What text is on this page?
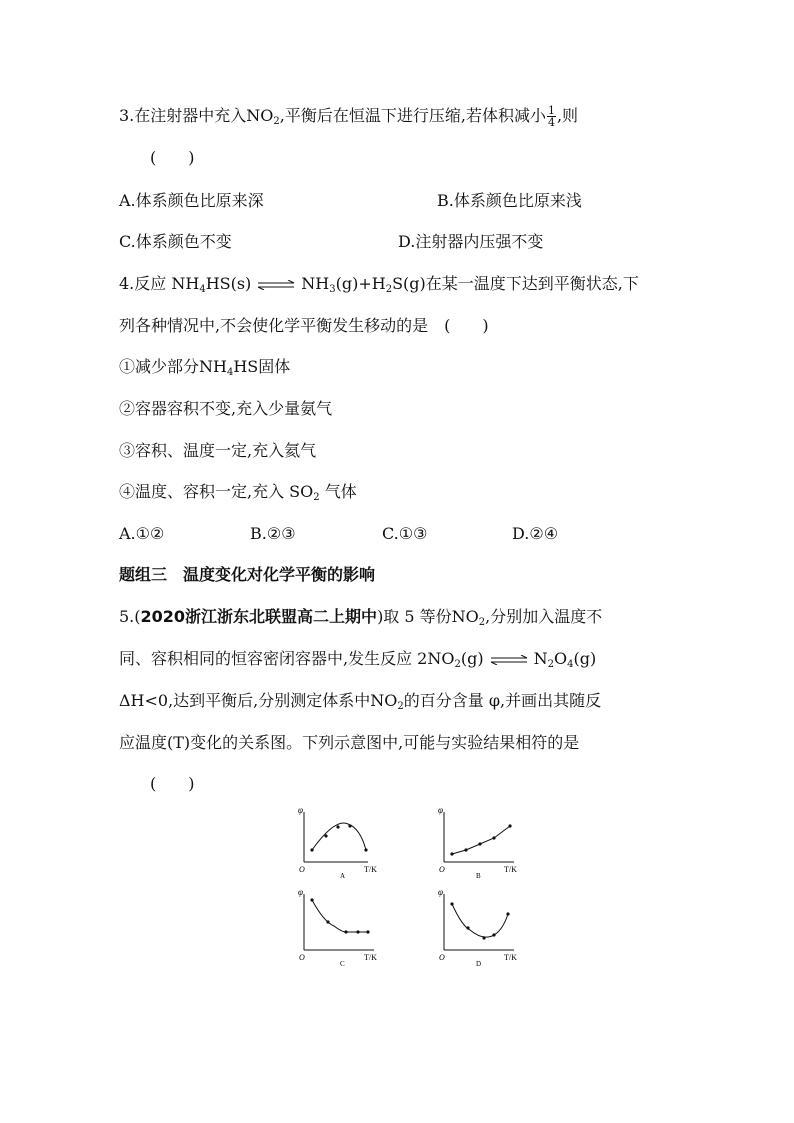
3.在注射器中充入$NO_2$,平衡后在恒温下进行压缩,若体积减小 $\frac{1}{4}$ ,则
(　　)
A.体系颜色比原来深	B.体系颜色比原来浅
C.体系颜色不变	D.注射器内压强不变
4.反应 $NH_4HS(s)$ ⇌ $NH_3(g)+H_2S(g)$在某一温度下达到平衡状态,下
列各种情况中,不会使化学平衡发生移动的是　(　　)
①减少部分$NH_4HS$固体
②容器容积不变,充入少量氨气
③容积、温度一定,充入氦气
④温度、容积一定,充入 $SO_2$ 气体
A.①②	B.②③	C.①③	D.②④
题组三　温度变化对化学平衡的影响
5.(2020浙江浙东北联盟高二上期中)取 5 等份$NO_2$,分别加入温度不
同、容积相同的恒容密闭容器中,发生反应 $2NO_2(g)$ ⇌ $N_2O_4(g)$
ΔH<0,达到平衡后,分别测定体系中$NO_2$的百分含量 φ,并画出其随反
应温度(T)变化的关系图。下列示意图中,可能与实验结果相符的是
(　　)
φ
O	T/K
A
φ
O	T/K
B
φ
O	T/K
C
φ
O	T/K
D
